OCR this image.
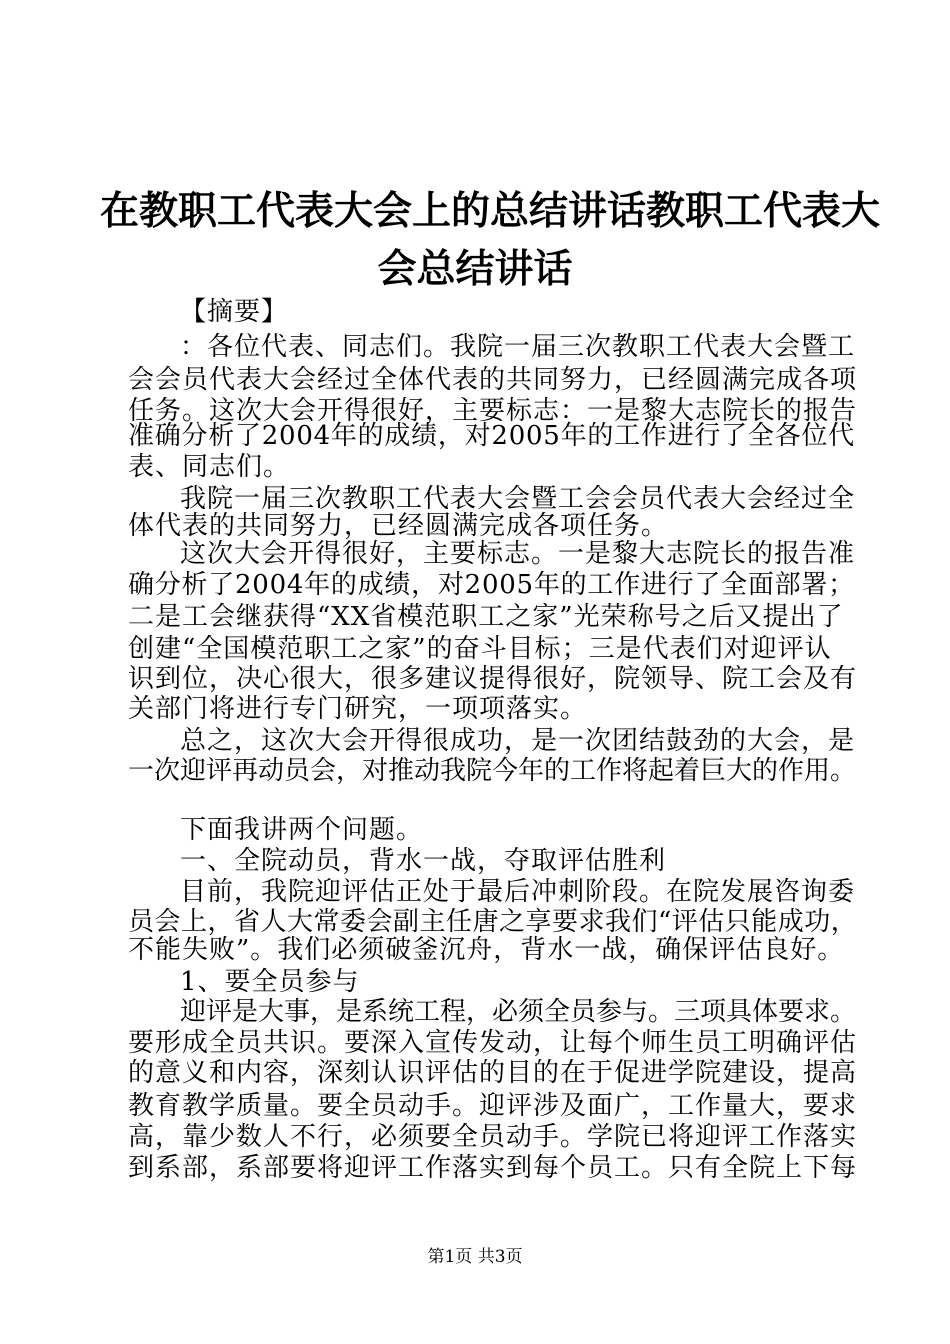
在教职工代表大会上的总结讲话教职工代表大
会总结讲话
【摘要】
：各位代表、同志们。我院一届三次教职工代表大会暨工
会会员代表大会经过全体代表的共同努力，已经圆满完成各项
任务。这次大会开得很好，主要标志：一是黎大志院长的报告
准确分析了2004年的成绩，对2005年的工作进行了全各位代
表、同志们。
我院一届三次教职工代表大会暨工会会员代表大会经过全
体代表的共同努力，已经圆满完成各项任务。
这次大会开得很好，主要标志。一是黎大志院长的报告准
确分析了2004年的成绩，对2005年的工作进行了全面部署；
二是工会继获得“XX省模范职工之家”光荣称号之后又提出了
创建“全国模范职工之家”的奋斗目标；三是代表们对迎评认
识到位，决心很大，很多建议提得很好，院领导、院工会及有
关部门将进行专门研究，一项项落实。
总之，这次大会开得很成功，是一次团结鼓劲的大会，是
一次迎评再动员会，对推动我院今年的工作将起着巨大的作用。
下面我讲两个问题。
一、全院动员，背水一战，夺取评估胜利
目前，我院迎评估正处于最后冲刺阶段。在院发展咨询委
员会上，省人大常委会副主任唐之享要求我们“评估只能成功，
不能失败”。我们必须破釜沉舟，背水一战，确保评估良好。
1、要全员参与
迎评是大事，是系统工程，必须全员参与。三项具体要求。
要形成全员共识。要深入宣传发动，让每个师生员工明确评估
的意义和内容，深刻认识评估的目的在于促进学院建设，提高
教育教学质量。要全员动手。迎评涉及面广，工作量大，要求
高，靠少数人不行，必须要全员动手。学院已将迎评工作落实
到系部，系部要将迎评工作落实到每个员工。只有全院上下每
第1页 共3页
